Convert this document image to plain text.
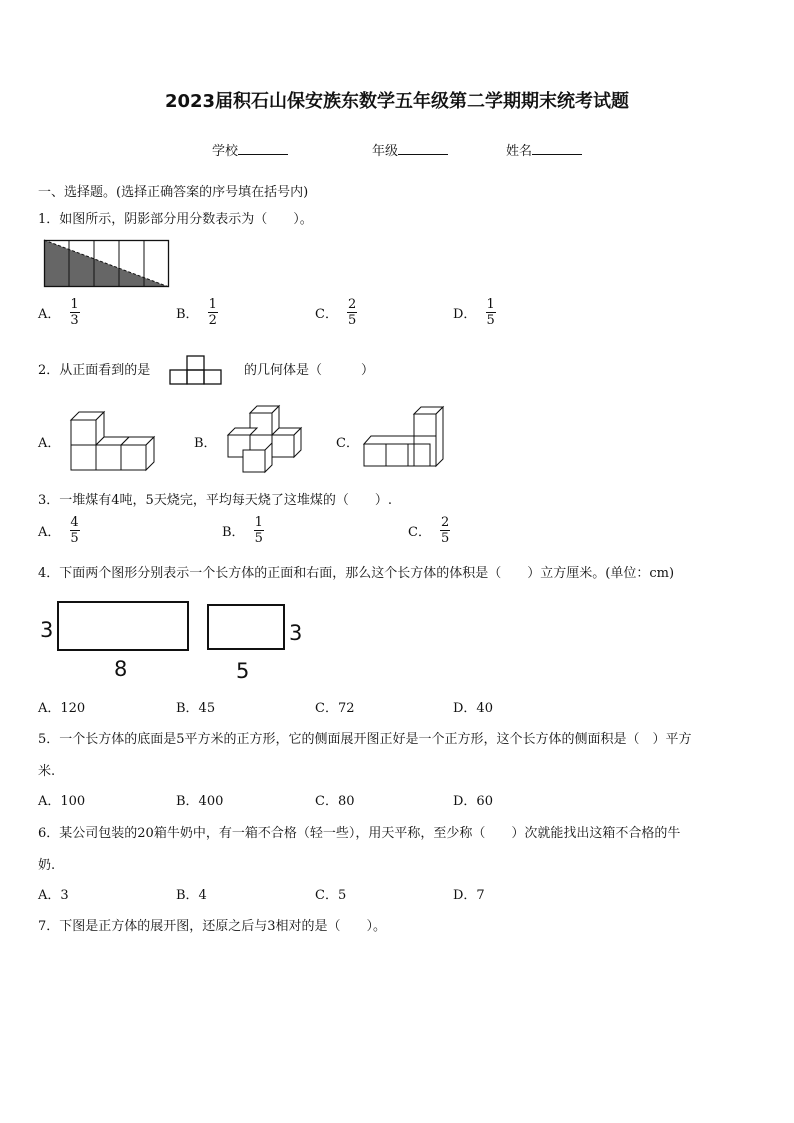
2023届积石山保安族东数学五年级第二学期期末统考试题
学校	年级	姓名
一、选择题。(选择正确答案的序号填在括号内)
1．如图所示，阴影部分用分数表示为（　　）。
A． $\frac{1}{3}$	B． $\frac{1}{2}$	C． $\frac{2}{5}$	D． $\frac{1}{5}$
2．从正面看到的是	的几何体是（　　　）
A．	B．	C．
3．一堆煤有4吨，5天烧完，平均每天烧了这堆煤的（　　）.
A． $\frac{4}{5}$	B． $\frac{1}{5}$	C． $\frac{2}{5}$
4．下面两个图形分别表示一个长方体的正面和右面，那么这个长方体的体积是（　　）立方厘米。(单位：cm)
3
8
3
5
A．120	B．45	C．72	D．40
5．一个长方体的底面是5平方米的正方形，它的侧面展开图正好是一个正方形，这个长方体的侧面积是（　）平方
米.
A．100	B．400	C．80	D．60
6．某公司包装的20箱牛奶中，有一箱不合格（轻一些），用天平称，至少称（　　）次就能找出这箱不合格的牛
奶.
A．3	B．4	C．5	D．7
7．下图是正方体的展开图，还原之后与3相对的是（　　）。
